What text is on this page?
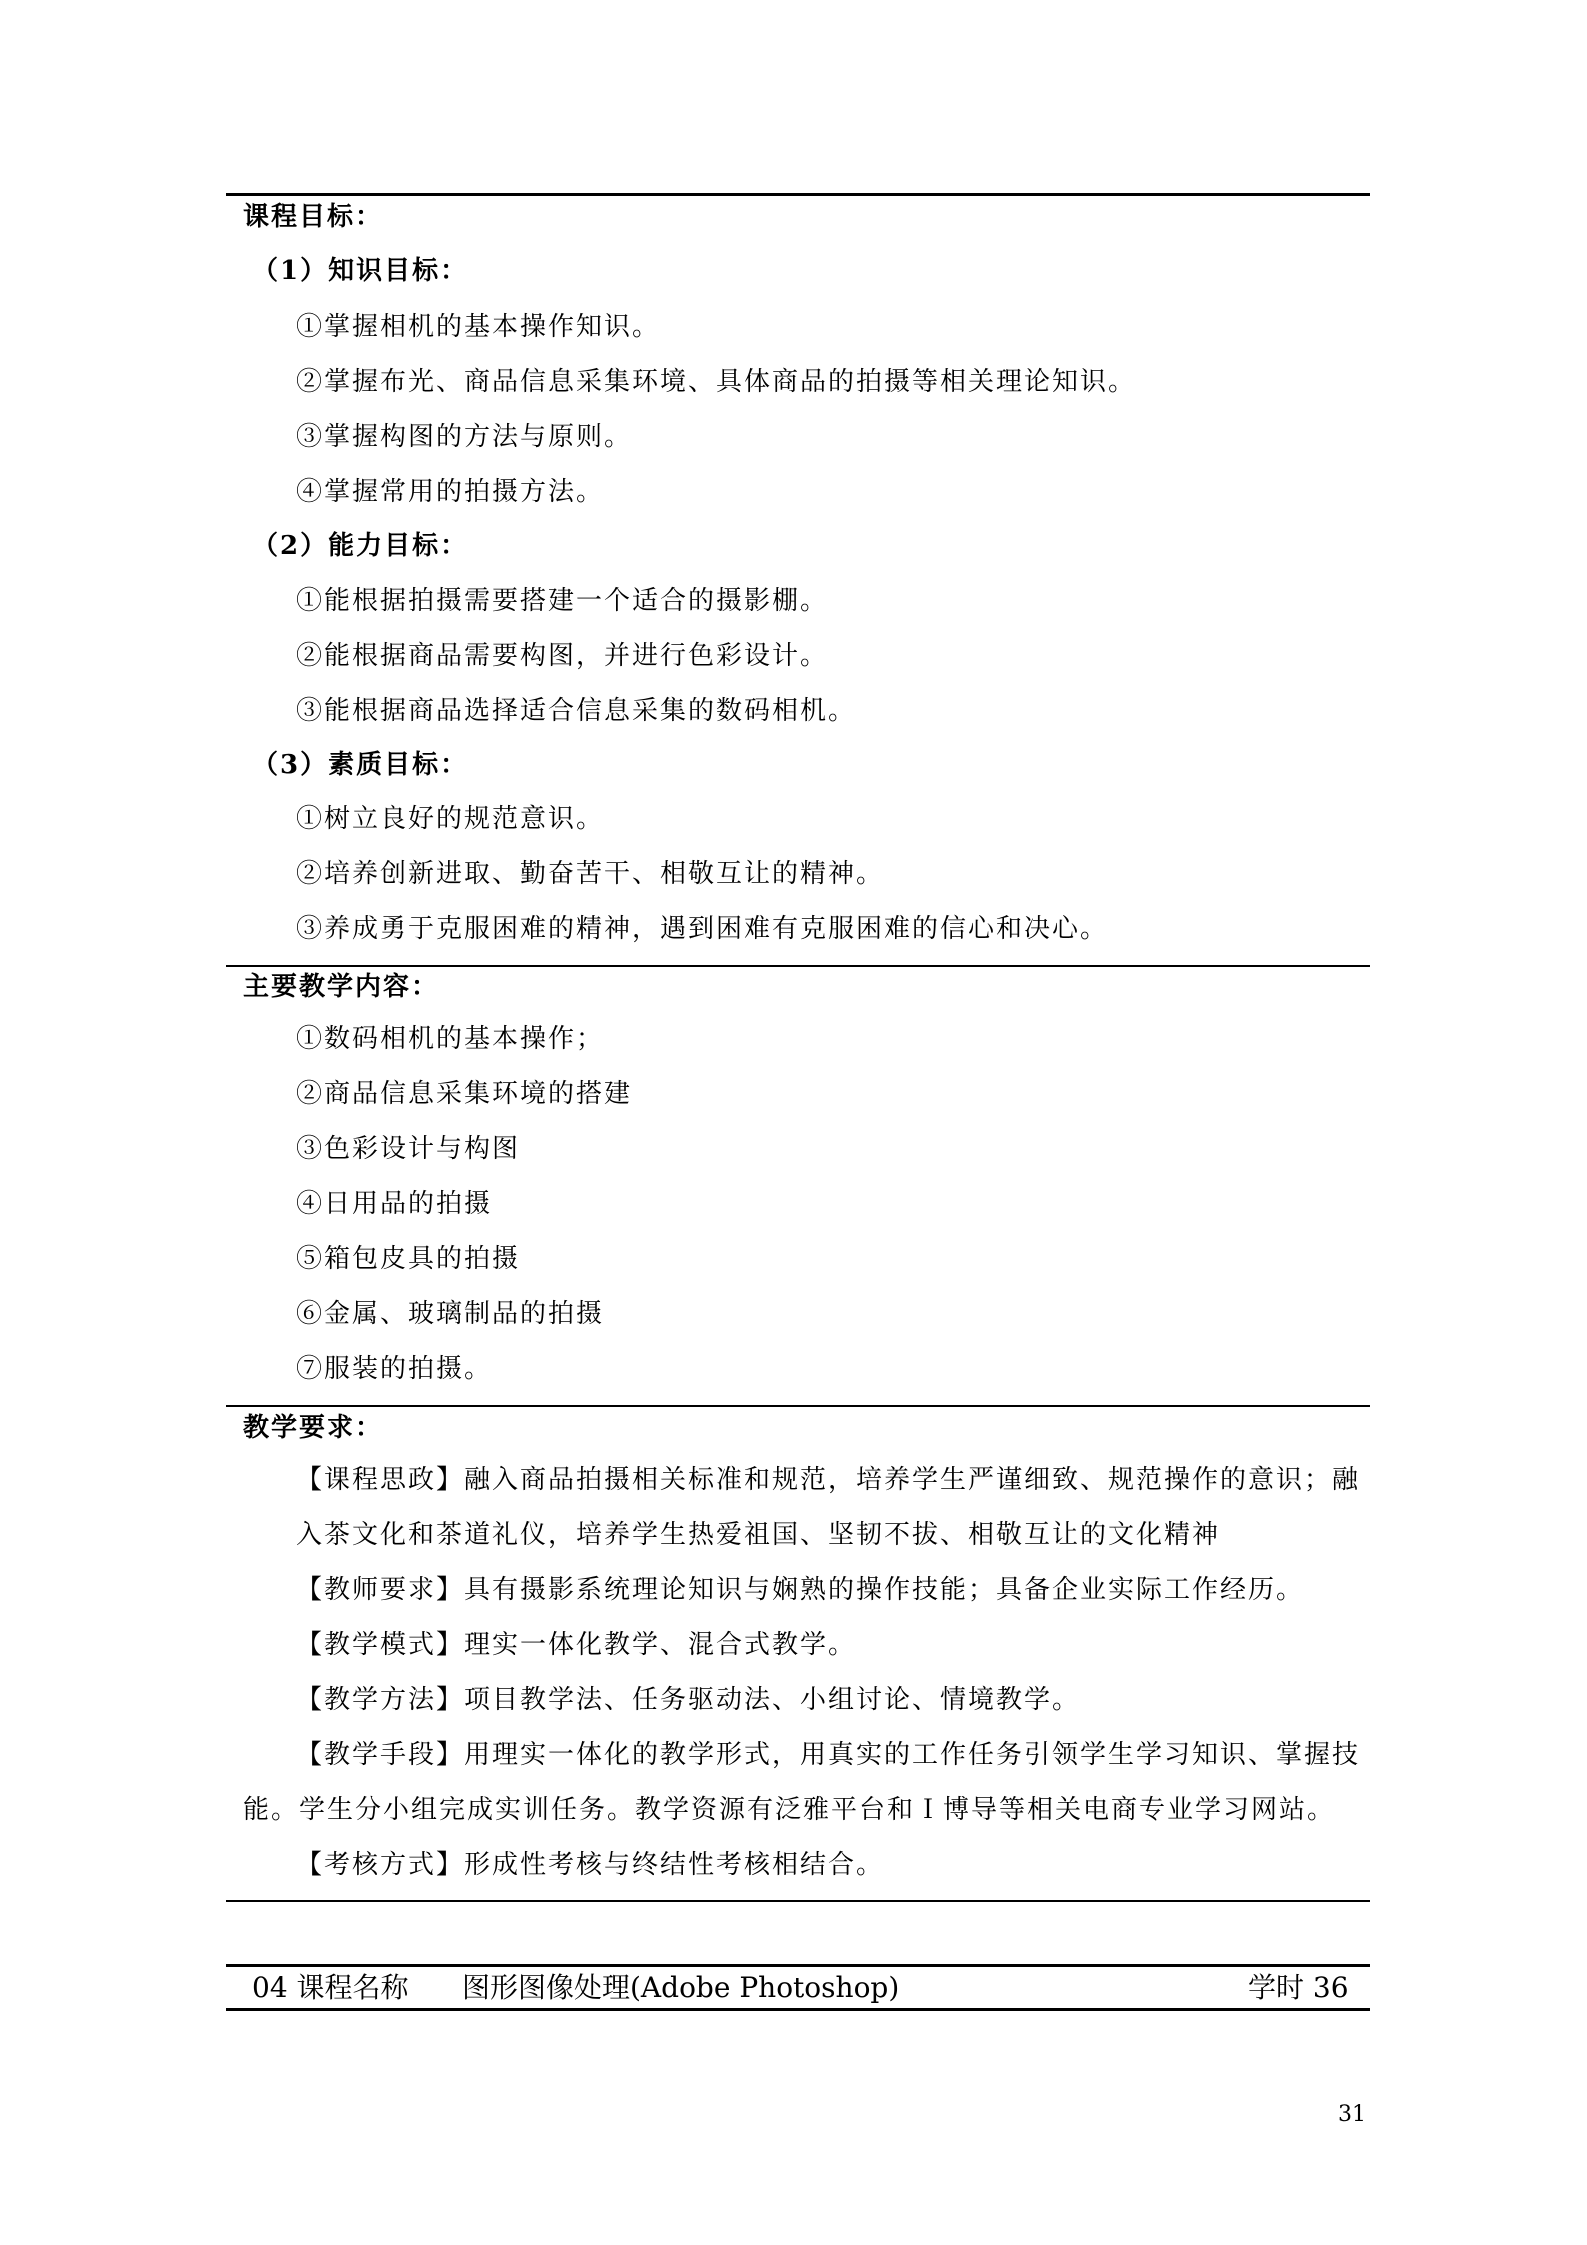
课程目标：
（1）知识目标：
①掌握相机的基本操作知识。
②掌握布光、商品信息采集环境、具体商品的拍摄等相关理论知识。
③掌握构图的方法与原则。
④掌握常用的拍摄方法。
（2）能力目标：
①能根据拍摄需要搭建一个适合的摄影棚。
②能根据商品需要构图，并进行色彩设计。
③能根据商品选择适合信息采集的数码相机。
（3）素质目标：
①树立良好的规范意识。
②培养创新进取、勤奋苦干、相敬互让的精神。
③养成勇于克服困难的精神，遇到困难有克服困难的信心和决心。
主要教学内容：
①数码相机的基本操作；
②商品信息采集环境的搭建
③色彩设计与构图
④日用品的拍摄
⑤箱包皮具的拍摄
⑥金属、玻璃制品的拍摄
⑦服装的拍摄。
教学要求：
【课程思政】融入商品拍摄相关标准和规范，培养学生严谨细致、规范操作的意识；融
入茶文化和茶道礼仪，培养学生热爱祖国、坚韧不拔、相敬互让的文化精神
【教师要求】具有摄影系统理论知识与娴熟的操作技能；具备企业实际工作经历。
【教学模式】理实一体化教学、混合式教学。
【教学方法】项目教学法、任务驱动法、小组讨论、情境教学。
【教学手段】用理实一体化的教学形式，用真实的工作任务引领学生学习知识、掌握技
能。学生分小组完成实训任务。教学资源有泛雅平台和Ｉ博导等相关电商专业学习网站。
【考核方式】形成性考核与终结性考核相结合。
04 课程名称 图形图像处理(Adobe Photoshop)	学时 36
31
